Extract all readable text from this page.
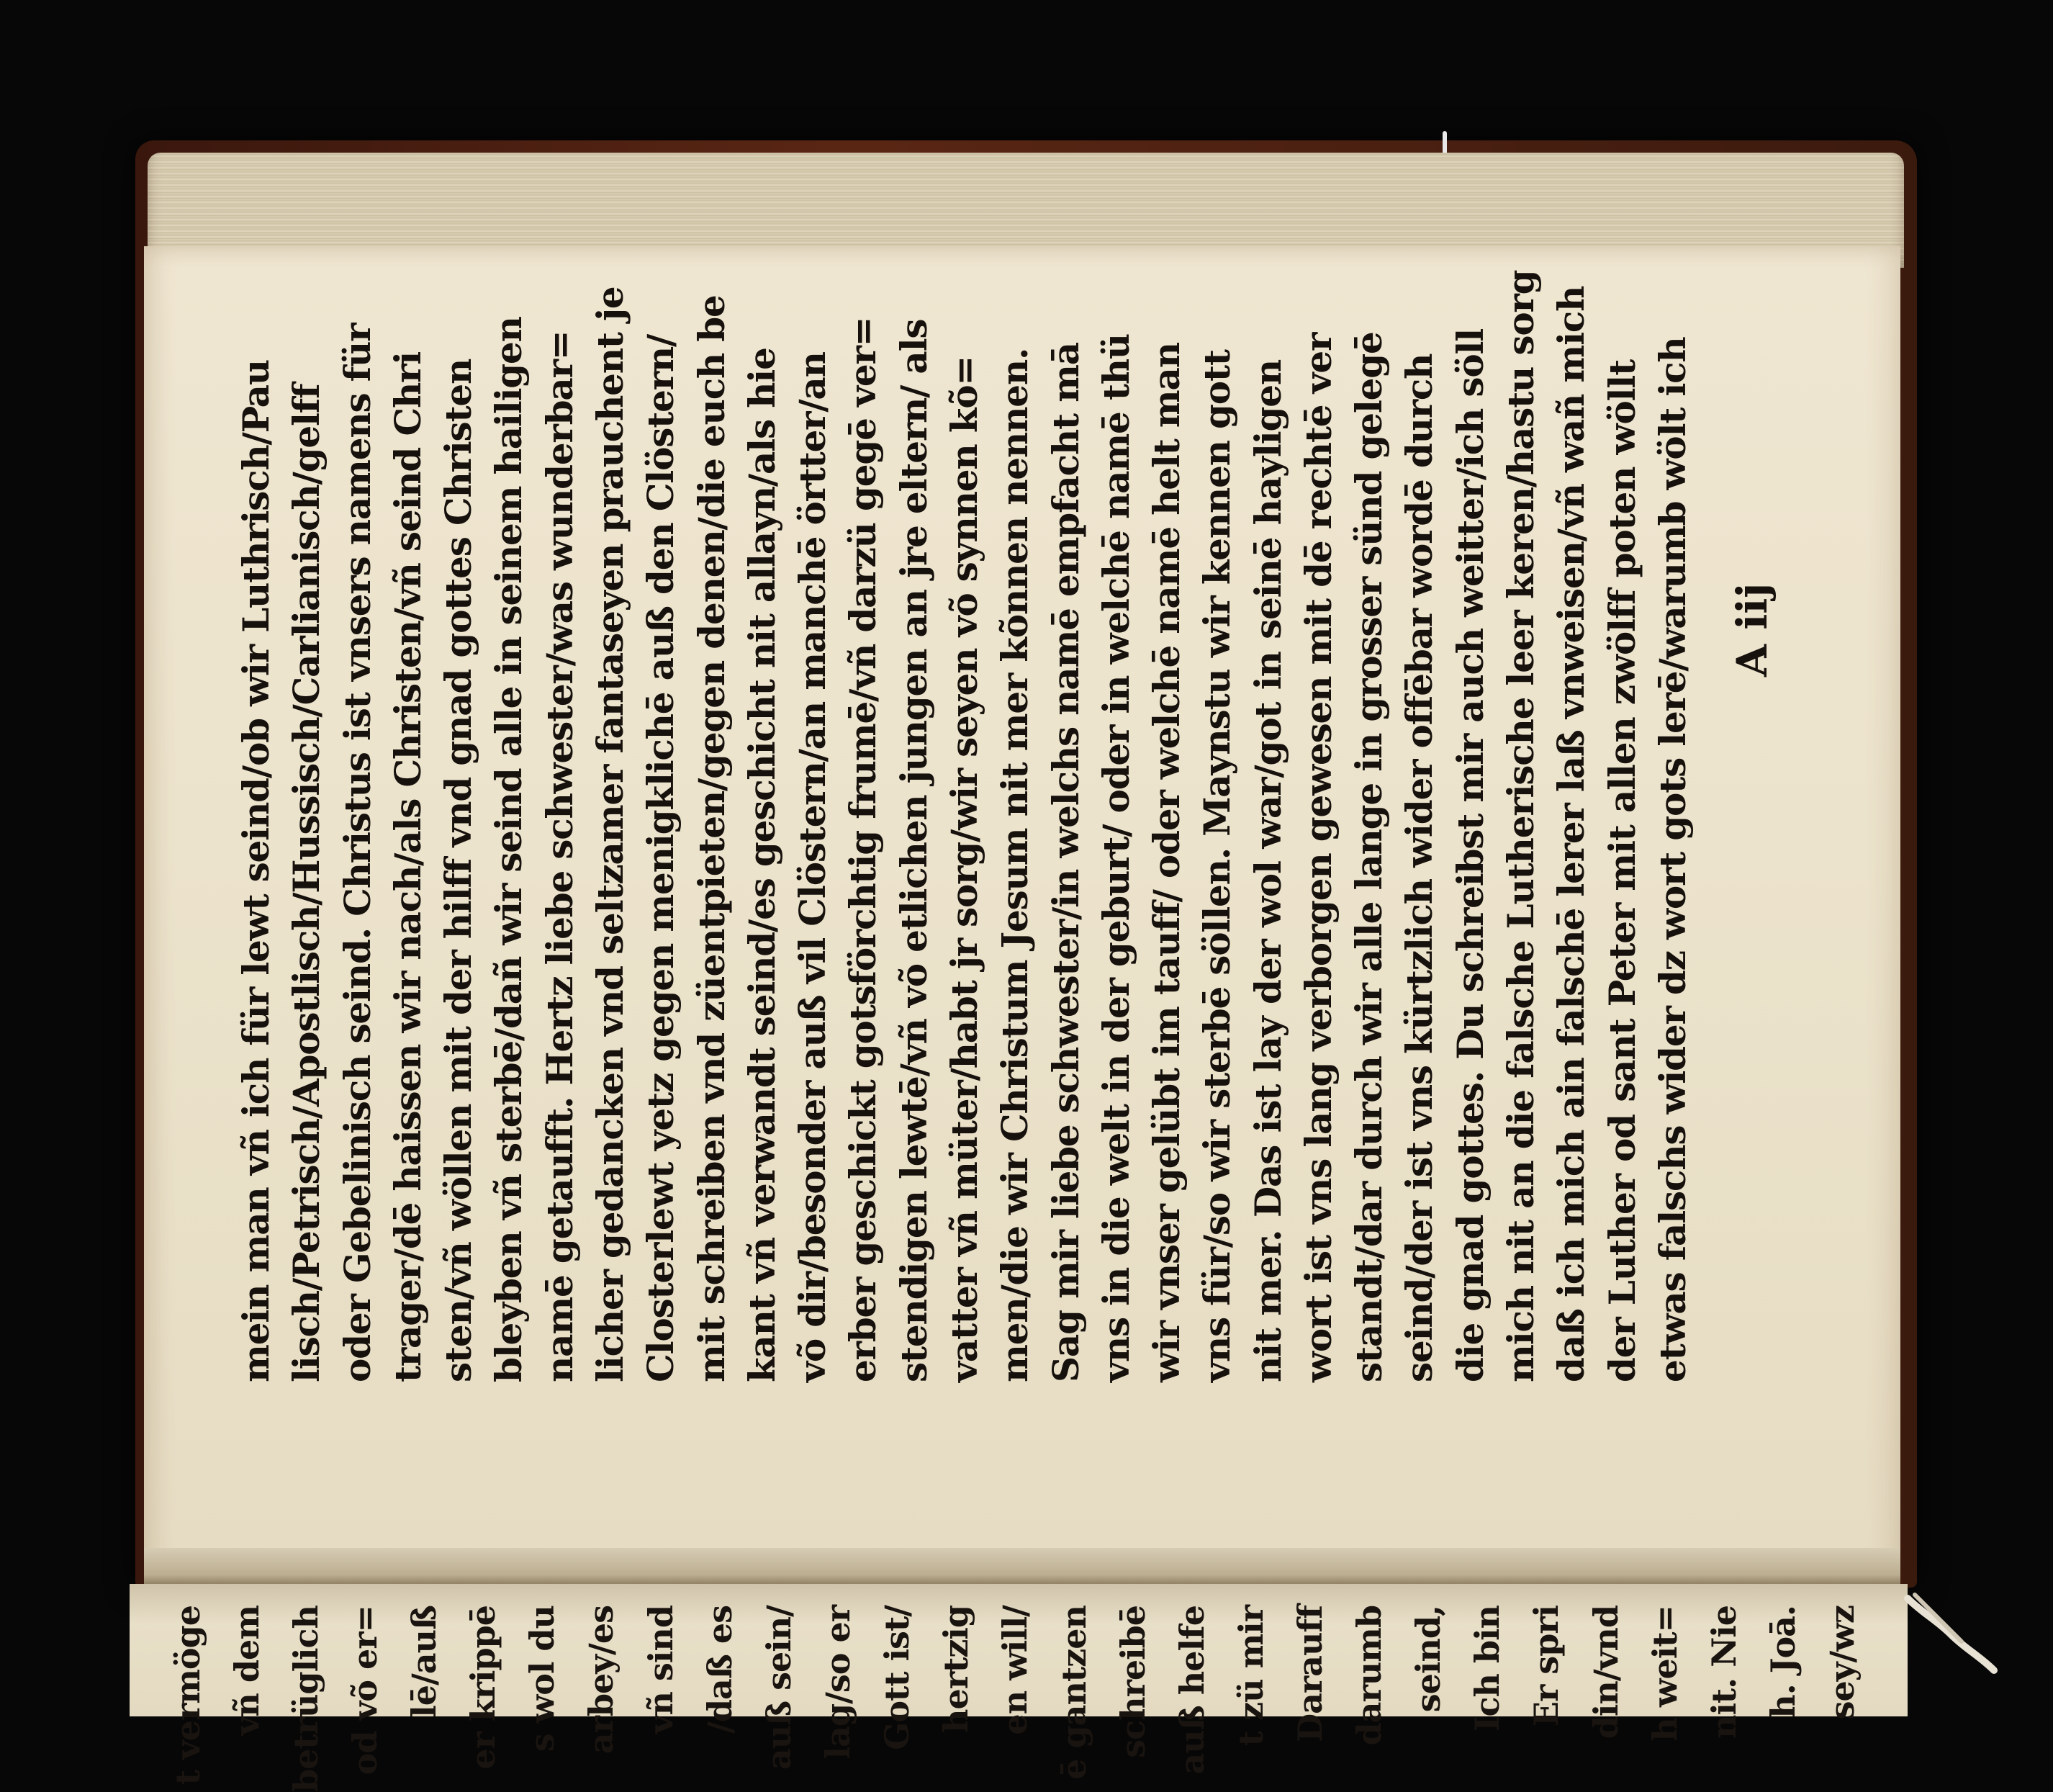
mein man vñ ich für lewt seind/ob wir Luthrisch/Pau lisch/Petrisch/Apostlisch/Hussisch/Carlianisch/gelff oder Gebelinisch seind. Christus ist vnsers namens für trager/dē haissen wir nach/als Christen/vñ seind Chri sten/vñ wöllen mit der hilff vnd gnad gottes Christen bleyben vñ sterbē/dañ wir seind alle in seinem hailigen namē getaufft. Hertz liebe schwester/was wunderbar= licher gedancken vnd seltzamer fantaseyen prauchent je Closterlewt yetz gegen menigklichē auß den Clöstern/ mit schreiben vnd züentpieten/gegen denen/die euch be kant vñ verwandt seind/es geschicht nit allayn/als hie võ dir/besonder auß vil Clöstern/an manchē örtter/an erber geschickt gotsförchtig frumē/vñ darzü gegē ver= stendigen lewtē/vñ võ etlichen jungen an jre eltern/ als vatter vñ müter/habt jr sorg/wir seyen võ synnen kõ= men/die wir Christum Jesum nit mer kõnnen nennen. Sag mir liebe schwester/in welchs namē empfacht mā vns in die welt in der geburt/ oder in welchē namē thü wir vnser gelübt im tauff/ oder welchē namē helt man vns für/so wir sterbē söllen. Maynstu wir kennen gott nit mer. Das ist lay der wol war/got in seinē hayligen wort ist vns lang verborgen gewesen mit dē rechtē ver standt/dar durch wir alle lange in grosser sünd gelegē seind/der ist vns kürtzlich wider offēbar wordē durch die gnad gottes. Du schreibst mir auch weitter/ich söll mich nit an die falsche Lutherische leer keren/hastu sorg daß ich mich ain falschē lerer laß vnweisen/vñ wañ mich der Luther od sant Peter mit allen zwölff poten wöllt etwas falschs wider dz wort gots lerē/warumb wölt ich A iij
t vermöge vñ dem betrüglich od võ er= lē/auß er krippē s wol du arbey/es vñ sind /daß es auß sein/ lag/so er Gott ist/ hertzig en will/ ē gantzen schreibē auß helfe t zü mir Darauff darumb seind, Ich bin Er spri din/vnd h weit= nit. Nie h. Joā. sey/wz
